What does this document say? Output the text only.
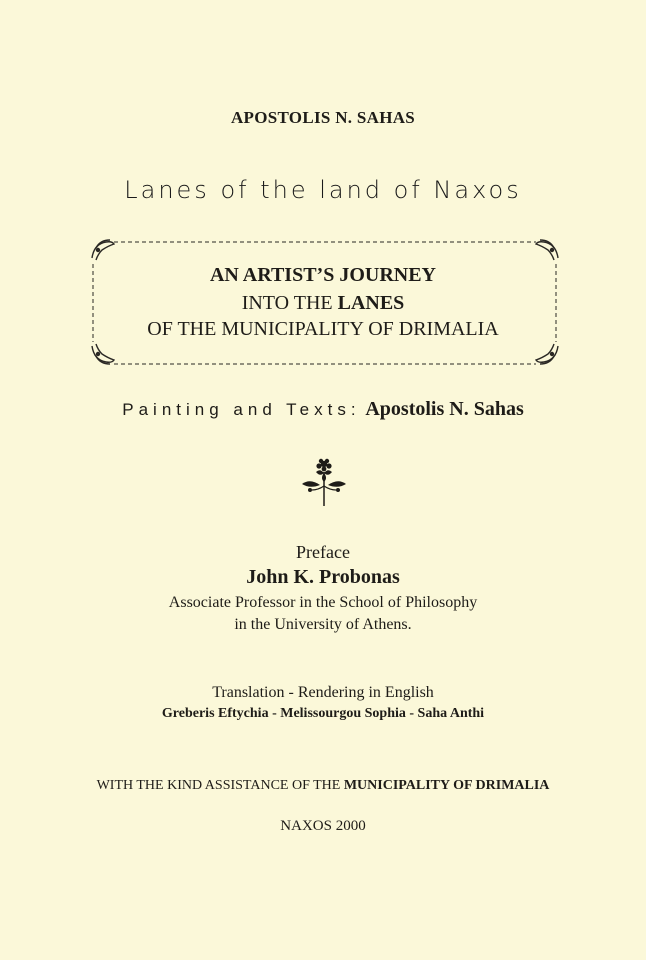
APOSTOLIS N. SAHAS
Lanes of the land of Naxos
AN ARTIST’S JOURNEY
INTO THE LANES
OF THE MUNICIPALITY OF DRIMALIA
Painting and Texts: Apostolis N. Sahas
Preface
John K. Probonas
Associate Professor in the School of Philosophy
in the University of Athens.
Translation - Rendering in English
Greberis Eftychia - Melissourgou Sophia - Saha Anthi
WITH THE KIND ASSISTANCE OF THE MUNICIPALITY OF DRIMALIA
NAXOS 2000
